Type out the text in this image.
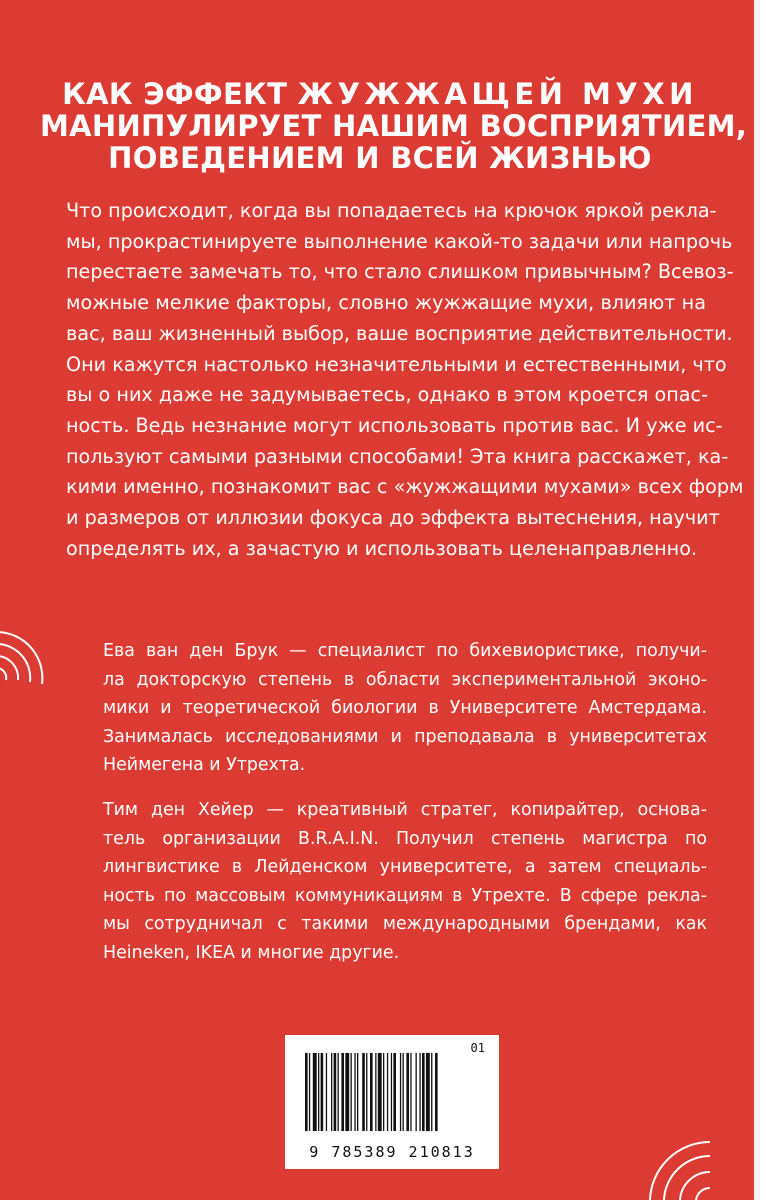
КАК ЭФФЕКТ ЖУЖЖАЩЕЙ МУХИ
МАНИПУЛИРУЕТ НАШИМ ВОСПРИЯТИЕМ,
ПОВЕДЕНИЕМ И ВСЕЙ ЖИЗНЬЮ

Что происходит, когда вы попадаетесь на крючок яркой рекла-
мы, прокрастинируете выполнение какой-то задачи или напрочь
перестаете замечать то, что стало слишком привычным? Всевоз-
можные мелкие факторы, словно жужжащие мухи, влияют на
вас, ваш жизненный выбор, ваше восприятие действительности.
Они кажутся настолько незначительными и естественными, что
вы о них даже не задумываетесь, однако в этом кроется опас-
ность. Ведь незнание могут использовать против вас. И уже ис-
пользуют самыми разными способами! Эта книга расскажет, ка-
кими именно, познакомит вас с «жужжащими мухами» всех форм
и размеров от иллюзии фокуса до эффекта вытеснения, научит
определять их, а зачастую и использовать целенаправленно.

Ева ван ден Брук — специалист по бихевиористике, получи-
ла докторскую степень в области экспериментальной эконо-
мики и теоретической биологии в Университете Амстердама.
Занималась исследованиями и преподавала в университетах
Неймегена и Утрехта.

Тим ден Хейер — креативный стратег, копирайтер, основа-
тель организации B.R.A.I.N. Получил степень магистра по
лингвистике в Лейденском университете, а затем специаль-
ность по массовым коммуникациям в Утрехте. В сфере рекла-
мы сотрудничал с такими международными брендами, как
Heineken, IKEA и многие другие.

01
9 785389 210813
